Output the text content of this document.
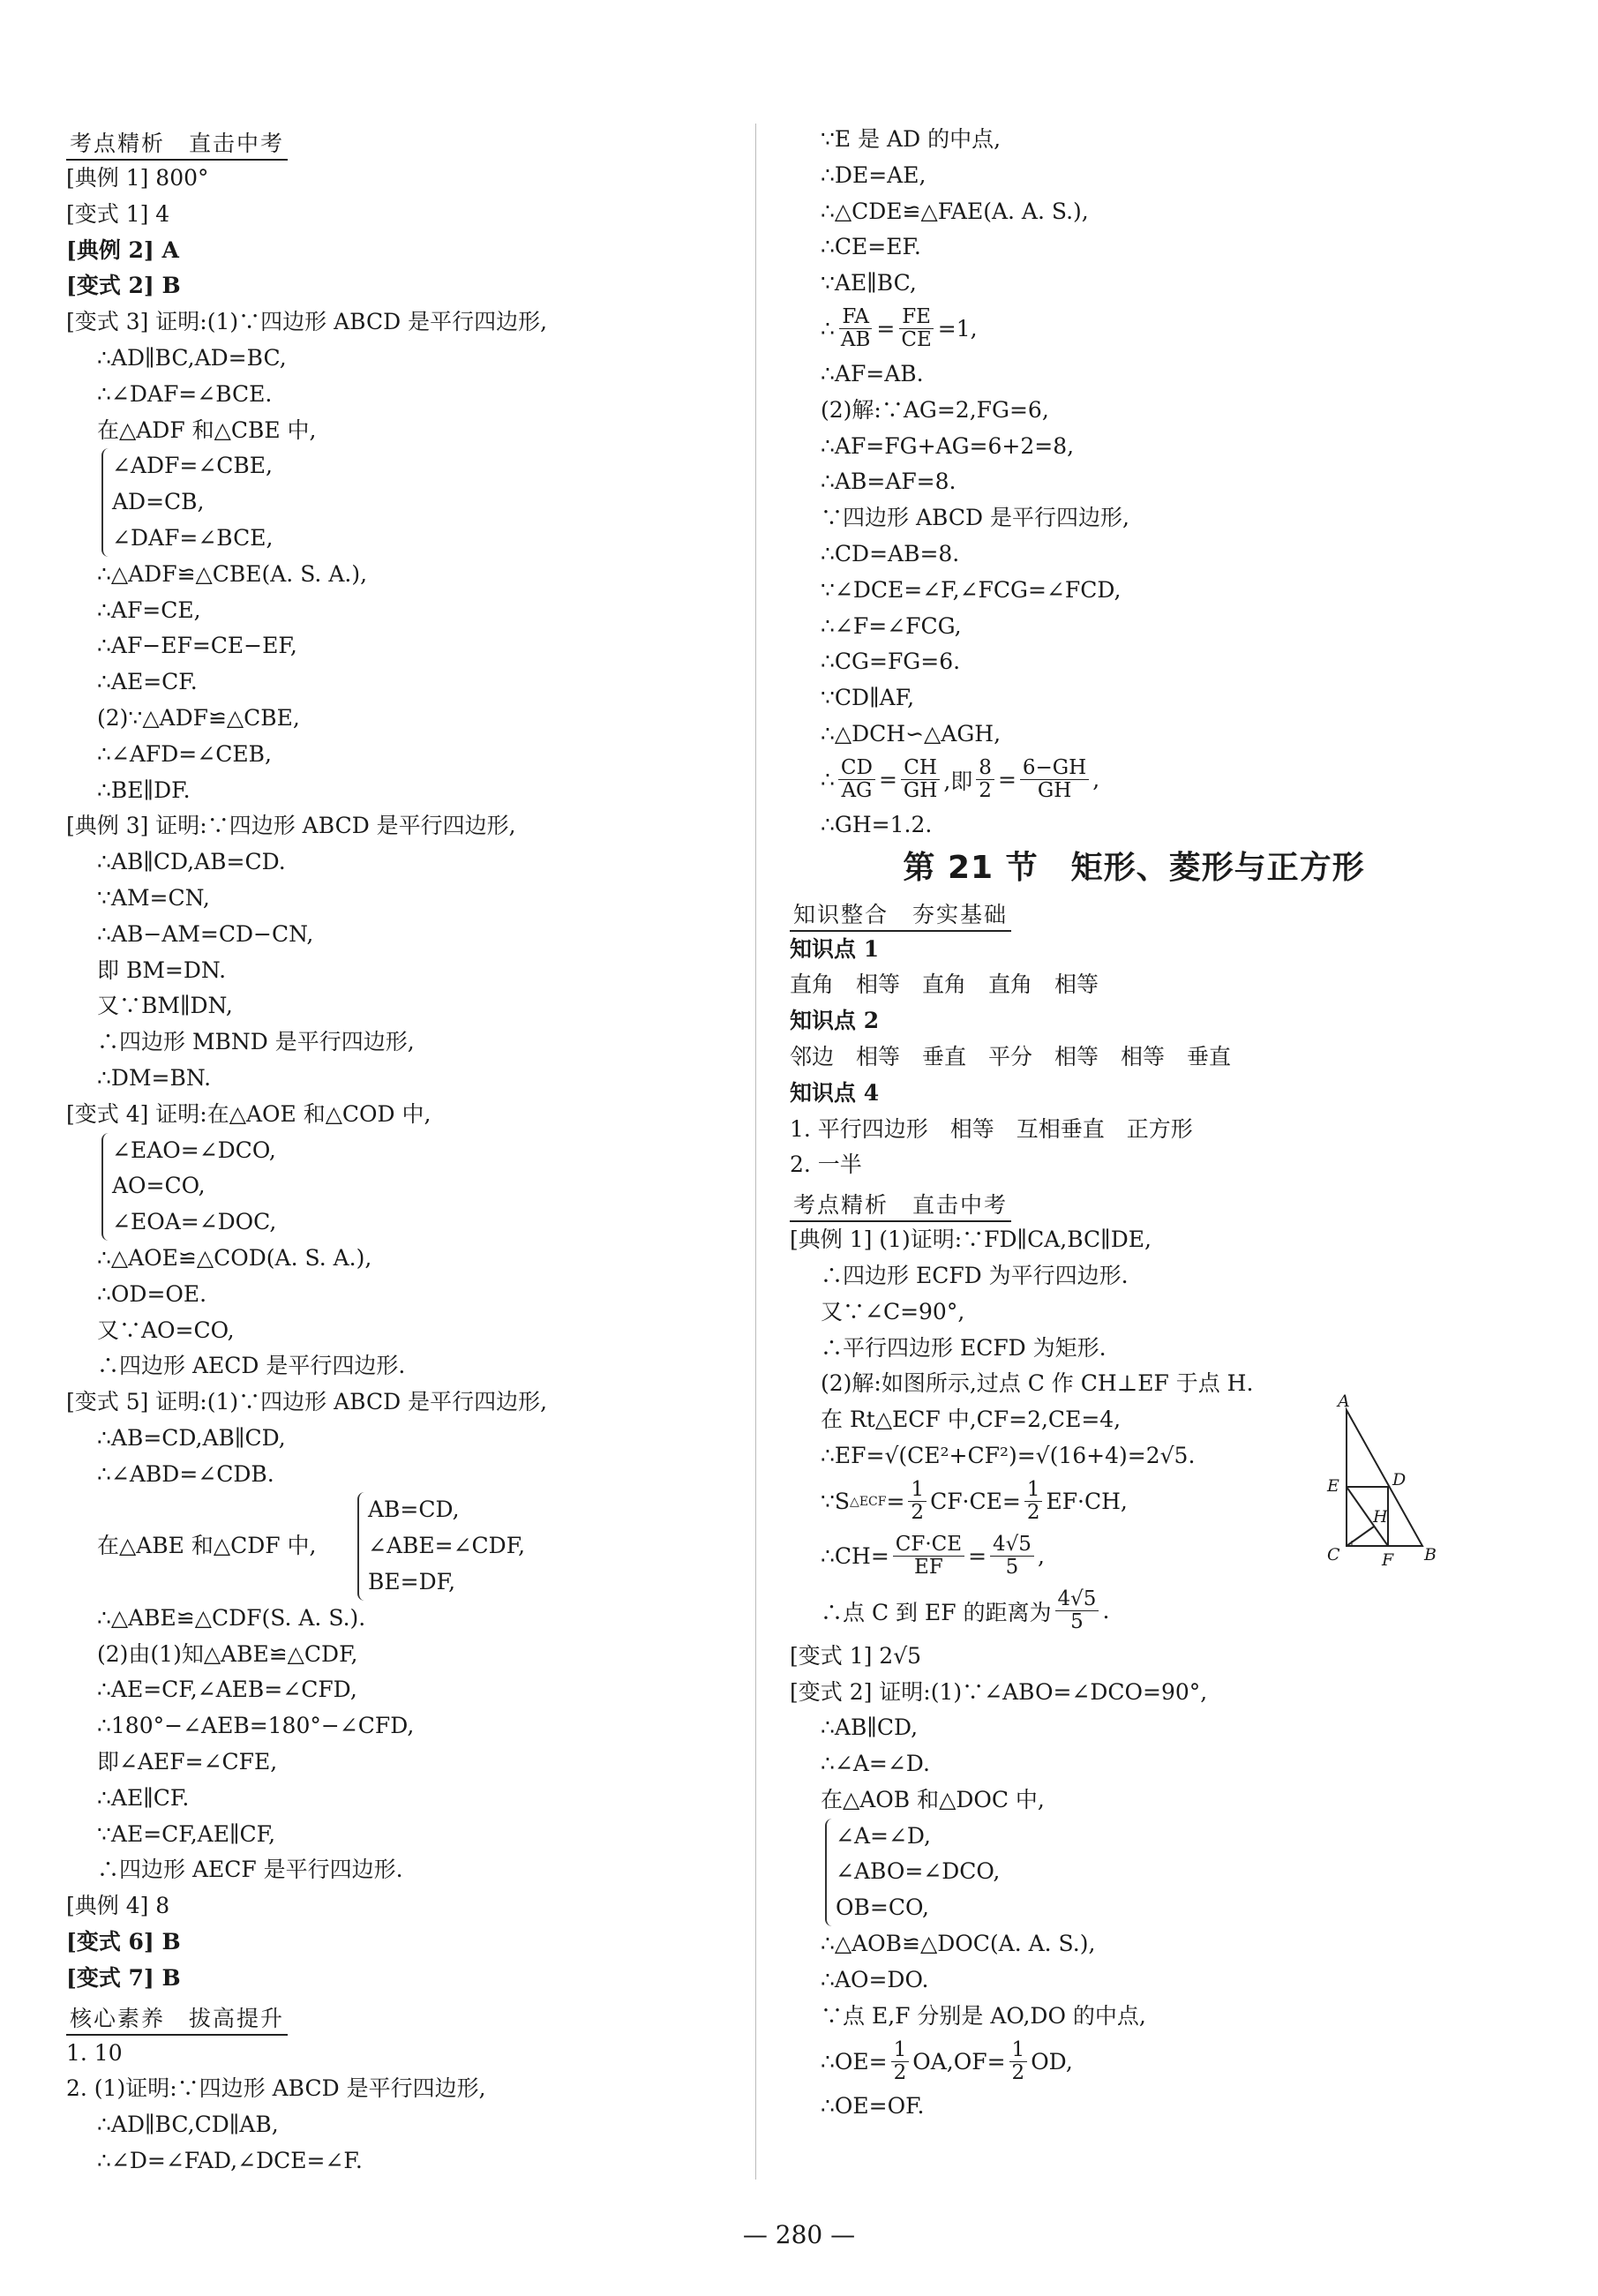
考点精析　直击中考
[典例 1] 800°
[变式 1] 4
[典例 2] A
[变式 2] B
[变式 3] 证明:(1)∵四边形 ABCD 是平行四边形,
∴AD∥BC,AD=BC,
∴∠DAF=∠BCE.
在△ADF 和△CBE 中,
∠ADF=∠CBE,
AD=CB,
∠DAF=∠BCE,
∴△ADF≌△CBE(A. S. A.),
∴AF=CE,
∴AF−EF=CE−EF,
∴AE=CF.
(2)∵△ADF≌△CBE,
∴∠AFD=∠CEB,
∴BE∥DF.
[典例 3] 证明:∵四边形 ABCD 是平行四边形,
∴AB∥CD,AB=CD.
∵AM=CN,
∴AB−AM=CD−CN,
即 BM=DN.
又∵BM∥DN,
∴四边形 MBND 是平行四边形,
∴DM=BN.
[变式 4] 证明:在△AOE 和△COD 中,
∠EAO=∠DCO,
AO=CO,
∠EOA=∠DOC,
∴△AOE≌△COD(A. S. A.),
∴OD=OE.
又∵AO=CO,
∴四边形 AECD 是平行四边形.
[变式 5] 证明:(1)∵四边形 ABCD 是平行四边形,
∴AB=CD,AB∥CD,
∴∠ABD=∠CDB.
在△ABE 和△CDF 中,
AB=CD,
∠ABE=∠CDF,
BE=DF,
∴△ABE≌△CDF(S. A. S.).
(2)由(1)知△ABE≌△CDF,
∴AE=CF,∠AEB=∠CFD,
∴180°−∠AEB=180°−∠CFD,
即∠AEF=∠CFE,
∴AE∥CF.
∵AE=CF,AE∥CF,
∴四边形 AECF 是平行四边形.
[典例 4] 8
[变式 6] B
[变式 7] B
核心素养　拔高提升
1. 10
2. (1)证明:∵四边形 ABCD 是平行四边形,
∴AD∥BC,CD∥AB,
∴∠D=∠FAD,∠DCE=∠F.
∵E 是 AD 的中点,
∴DE=AE,
∴△CDE≌△FAE(A. A. S.),
∴CE=EF.
∵AE∥BC,
∴ $\frac{FA}{AB} = \frac{FE}{CE} =1$,
∴AF=AB.
(2)解:∵AG=2,FG=6,
∴AF=FG+AG=6+2=8,
∴AB=AF=8.
∵四边形 ABCD 是平行四边形,
∴CD=AB=8.
∵∠DCE=∠F,∠FCG=∠FCD,
∴∠F=∠FCG,
∴CG=FG=6.
∵CD∥AF,
∴△DCH∽△AGH,
∴ $\frac{CD}{AG} = \frac{CH}{GH}$ ,即 $\frac{8}{2} = \frac{6-GH}{GH}$ ,
∴GH=1.2.
第 21 节　矩形、菱形与正方形
知识整合　夯实基础
知识点 1
直角　相等　直角　直角　相等
知识点 2
邻边　相等　垂直　平分　相等　相等　垂直
知识点 4
1. 平行四边形　相等　互相垂直　正方形
2. 一半
考点精析　直击中考
[典例 1] (1)证明:∵FD∥CA,BC∥DE,
∴四边形 ECFD 为平行四边形.
又∵∠C=90°,
∴平行四边形 ECFD 为矩形.
(2)解:如图所示,过点 C 作 CH⊥EF 于点 H.
在 Rt△ECF 中,CF=2,CE=4,
∴EF=√(CE²+CF²)=√(16+4)=2√5.
∵S △ECF = $\frac{1}{2} CF\cdot CE= \frac{1}{2} EF\cdot CH$,
∴CH= $\frac{CF\cdot CE}{EF} = \frac{4√5}{5}$ ,
∴点 C 到 EF 的距离为 $\frac{4√5}{5}$ .
[变式 1] 2√5
[变式 2] 证明:(1)∵∠ABO=∠DCO=90°,
∴AB∥CD,
∴∠A=∠D.
在△AOB 和△DOC 中,
∠A=∠D,
∠ABO=∠DCO,
OB=CO,
∴△AOB≌△DOC(A. A. S.),
∴AO=DO.
∵点 E,F 分别是 AO,DO 的中点,
∴OE= $\frac{1}{2} OA,OF= \frac{1}{2}$ OD,
∴OE=OF.
A
D
E
H
C F B
— 280 —
